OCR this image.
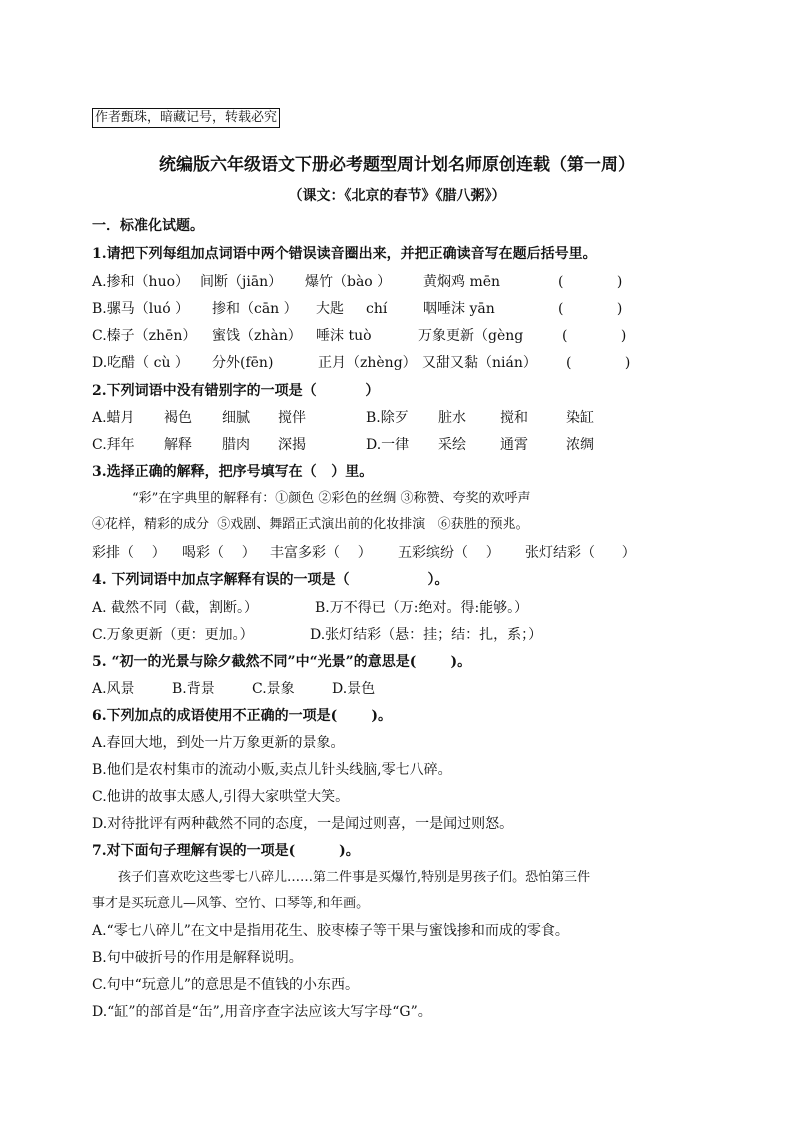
作者甄珠，暗藏记号，转载必究
统编版六年级语文下册必考题型周计划名师原创连载（第一周）
（课文：《北京的春节》《腊八粥》）
一．标准化试题。
1.请把下列每组加点词语中两个错误读音圈出来，并把正确读音写在题后括号里。
A.掺和（huo） 间断（jiān） 爆竹（bào ） 黄焖鸡 mēn	(            )
B.骡马（luó ） 掺和（cān ） 大匙 chí	咽唾沫 yān	(            )
C.榛子（zhēn） 蜜饯（zhàn） 唾沫 tuò	万象更新（gèng	(            )
D.吃醋（ cù ） 分外(fēn)	正月（zhèng） 又甜又黏（nián） (            )
2.下列词语中没有错别字的一项是（          ）
A.蜡月 褐色 细腻 搅伴	B.除歹 脏水 搅和	染缸
C.拜年 解释 腊肉 深揭	D.一律 采绘 通霄	浓绸
3.选择正确的解释，把序号填写在（   ）里。
“彩”在字典里的解释有：①颜色 ②彩色的丝绸 ③称赞、夸奖的欢呼声
④花样，精彩的成分  ⑤戏剧、舞蹈正式演出前的化妆排演   ⑥获胜的预兆。
彩排（    ） 喝彩（    ） 丰富多彩（    ） 五彩缤纷（    ） 张灯结彩（      ）
4. 下列词语中加点字解释有误的一项是（                ）。
A. 截然不同（截，割断。）	B.万不得已（万:绝对。得:能够。）
C.万象更新（更：更加。）	D.张灯结彩（悬：挂；结：扎，系；）
5. “初一的光景与除夕截然不同”中“光景”的意思是(       )。
A.风景	B.背景	C.景象	D.景色
6.下列加点的成语使用不正确的一项是(       )。
A.春回大地，到处一片万象更新的景象。
B.他们是农村集市的流动小贩,卖点儿针头线脑,零七八碎。
C.他讲的故事太感人,引得大家哄堂大笑。
D.对待批评有两种截然不同的态度，一是闻过则喜，一是闻过则怒。
7.对下面句子理解有误的一项是(         )。
孩子们喜欢吃这些零七八碎儿……第二件事是买爆竹,特别是男孩子们。恐怕第三件
事才是买玩意儿—风筝、空竹、口琴等,和年画。
A.“零七八碎儿”在文中是指用花生、胶枣榛子等干果与蜜饯掺和而成的零食。
B.句中破折号的作用是解释说明。
C.句中“玩意儿”的意思是不值钱的小东西。
D.“缸”的部首是“缶”,用音序查字法应该大写字母“G”。
